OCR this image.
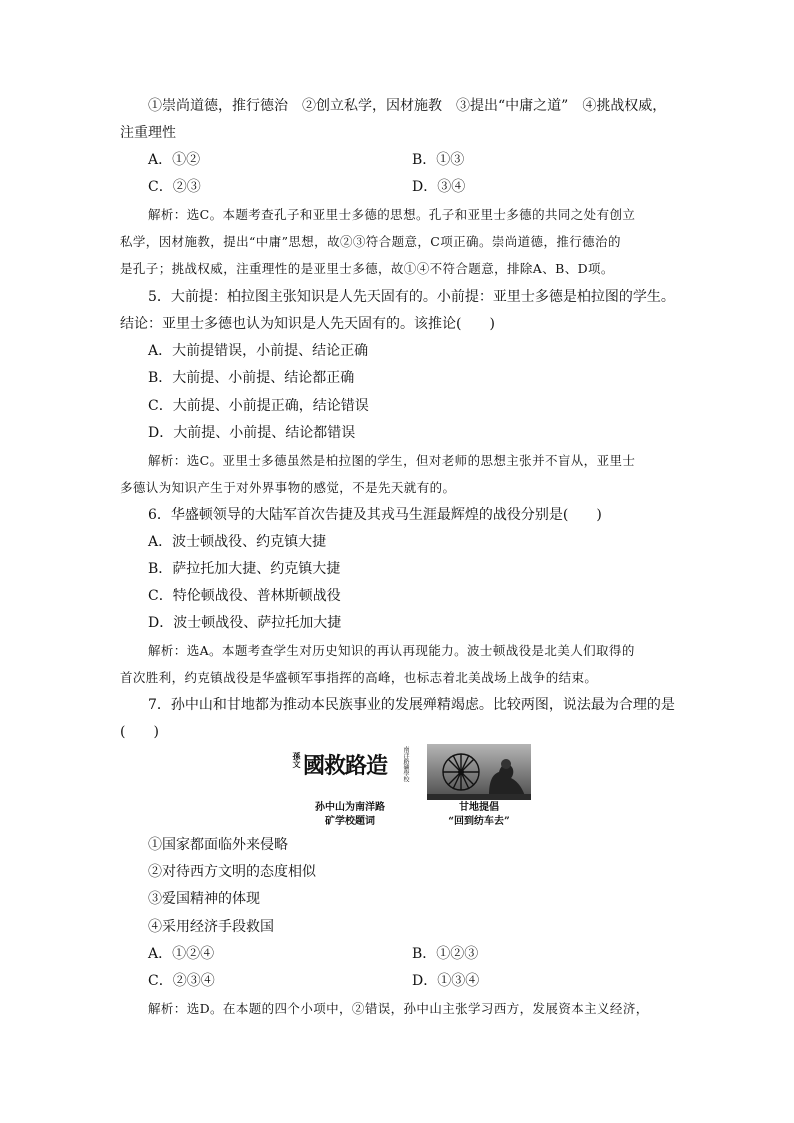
①崇尚道德，推行德治　②创立私学，因材施教　③提出“中庸之道”　④挑战权威，
注重理性
A．①②	B．①③
C．②③	D．③④
解析：选C。本题考查孔子和亚里士多德的思想。孔子和亚里士多德的共同之处有创立
私学，因材施教，提出“中庸”思想，故②③符合题意，C项正确。崇尚道德，推行德治的
是孔子；挑战权威，注重理性的是亚里士多德，故①④不符合题意，排除A、B、D项。
5．大前提：柏拉图主张知识是人先天固有的。小前提：亚里士多德是柏拉图的学生。
结论：亚里士多德也认为知识是人先天固有的。该推论(　　)
A．大前提错误，小前提、结论正确
B．大前提、小前提、结论都正确
C．大前提、小前提正确，结论错误
D．大前提、小前提、结论都错误
解析：选C。亚里士多德虽然是柏拉图的学生，但对老师的思想主张并不盲从，亚里士
多德认为知识产生于对外界事物的感觉，不是先天就有的。
6．华盛顿领导的大陆军首次告捷及其戎马生涯最辉煌的战役分别是(　　)
A．波士顿战役、约克镇大捷
B．萨拉托加大捷、约克镇大捷
C．特伦顿战役、普林斯顿战役
D．波士顿战役、萨拉托加大捷
解析：选A。本题考查学生对历史知识的再认再现能力。波士顿战役是北美人们取得的
首次胜利，约克镇战役是华盛顿军事指挥的高峰，也标志着北美战场上战争的结束。
7．孙中山和甘地都为推动本民族事业的发展殚精竭虑。比较两图，说法最为合理的是
(　　)
孫文 國救路造	南洋路礦學校
孙中山为南洋路
矿学校题词
甘地提倡
“回到纺车去”
①国家都面临外来侵略
②对待西方文明的态度相似
③爱国精神的体现
④采用经济手段救国
A．①②④	B．①②③
C．②③④	D．①③④
解析：选D。在本题的四个小项中，②错误，孙中山主张学习西方，发展资本主义经济，
